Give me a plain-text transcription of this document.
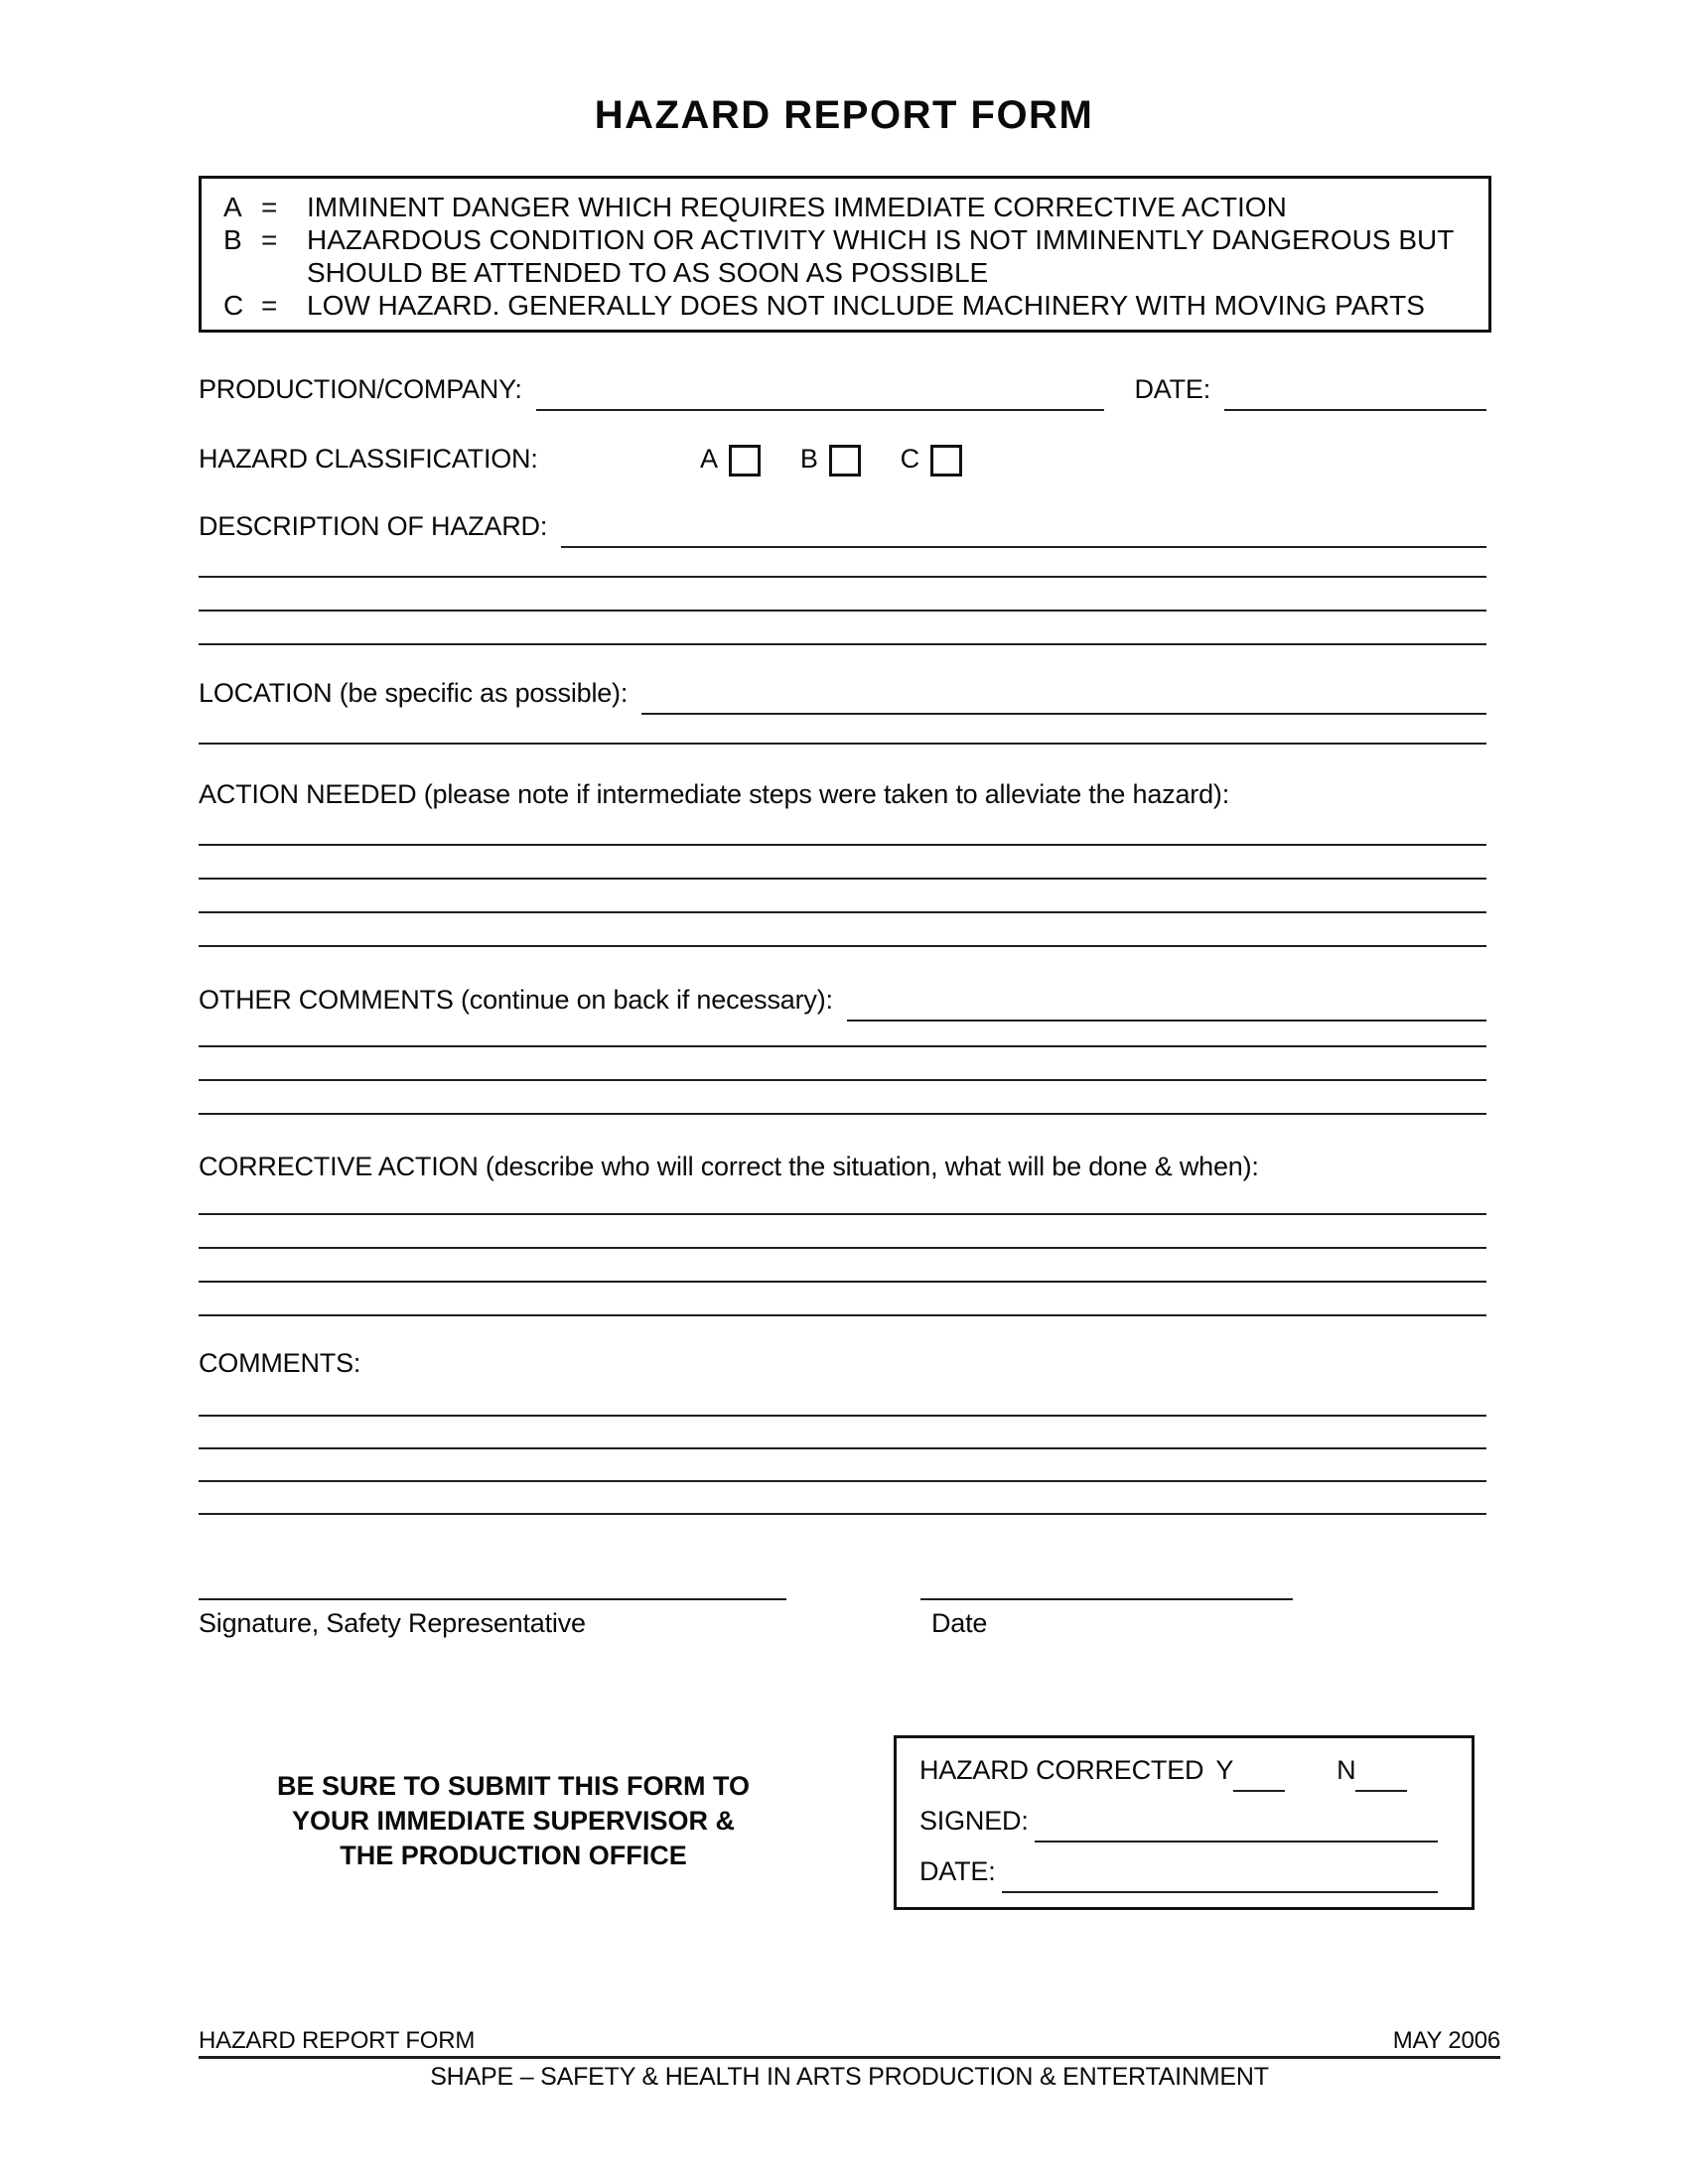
HAZARD REPORT FORM
A =	IMMINENT DANGER WHICH REQUIRES IMMEDIATE CORRECTIVE ACTION
B =	HAZARDOUS CONDITION OR ACTIVITY WHICH IS NOT IMMINENTLY DANGEROUS BUT
SHOULD BE ATTENDED TO AS SOON AS POSSIBLE
C =	LOW HAZARD. GENERALLY DOES NOT INCLUDE MACHINERY WITH MOVING PARTS
PRODUCTION/COMPANY:	DATE:
HAZARD CLASSIFICATION:	A	B	C
DESCRIPTION OF HAZARD:
LOCATION (be specific as possible):
ACTION NEEDED (please note if intermediate steps were taken to alleviate the hazard):
OTHER COMMENTS (continue on back if necessary):
CORRECTIVE ACTION (describe who will correct the situation, what will be done & when):
COMMENTS:
Signature, Safety Representative	Date
BE SURE TO SUBMIT THIS FORM TO
YOUR IMMEDIATE SUPERVISOR &
THE PRODUCTION OFFICE
HAZARD CORRECTED Y	N
SIGNED:
DATE:
HAZARD REPORT FORM	MAY 2006
SHAPE – SAFETY & HEALTH IN ARTS PRODUCTION & ENTERTAINMENT
